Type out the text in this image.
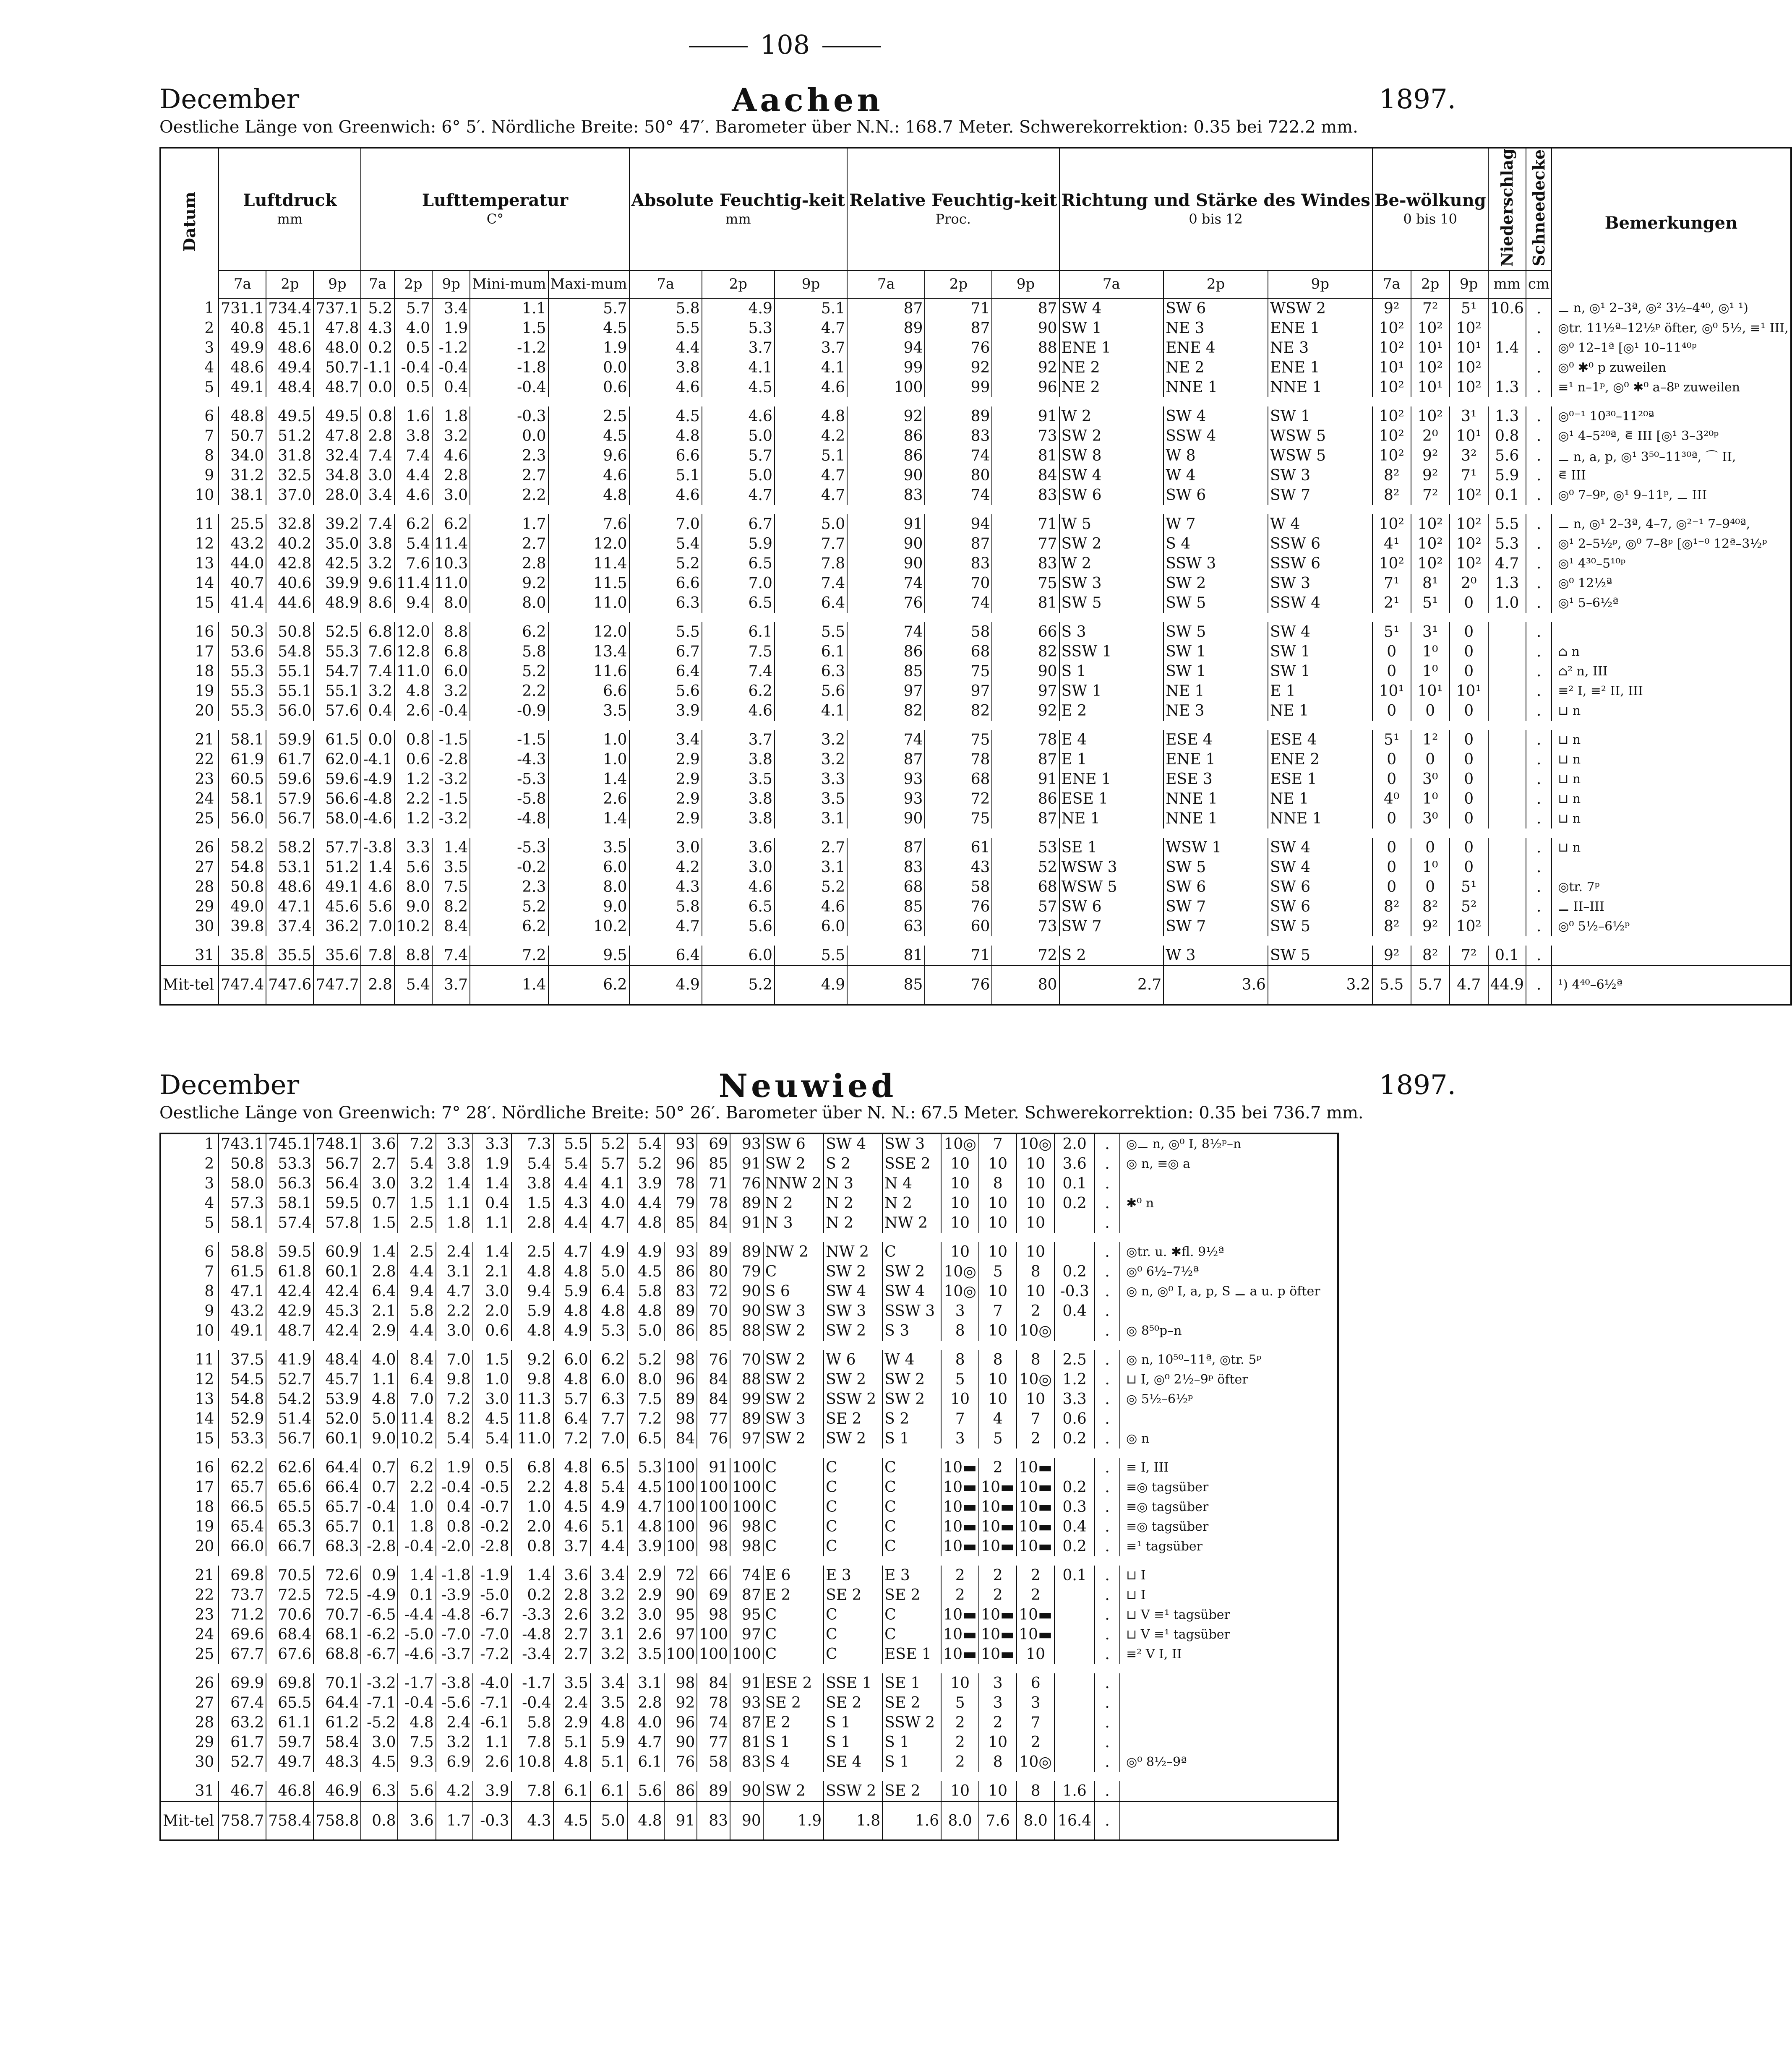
108
December	Aachen	1897.
Oestliche Länge von Greenwich: 6° 5′. Nördliche Breite: 50° 47′. Barometer über N.N.: 168.7 Meter. Schwerekorrektion: 0.35 bei 722.2 mm.
Datum	Luftdruck
mm			Lufttemperatur
C°					Absolute Feuchtig-keit
mm			Relative Feuchtig-keit
Proc.			Richtung und Stärke des Windes
0 bis 12			Be-wölkung
0 bis 10			Niederschlag	Schneedecke	Bemerkungen
	7a	2p	9p	7a	2p	9p	Mini-mum	Maxi-mum	7a	2p	9p	7a	2p	9p	7a	2p	9p	7a	2p	9p	mm	cm	
1	731.1	734.4	737.1	5.2	5.7	3.4	1.1	5.7	5.8	4.9	5.1	87	71	87	SW 4	SW 6	WSW 2	9²	7²	5¹	10.6	.	⚊ n, ◎¹ 2–3ª, ◎² 3½–4⁴⁰, ◎¹ ¹)
2	40.8	45.1	47.8	4.3	4.0	1.9	1.5	4.5	5.5	5.3	4.7	89	87	90	SW 1	NE 3	ENE 1	10²	10²	10²		.	◎tr. 11½ª–12½ᵖ öfter, ◎⁰ 5½, ≡¹ III,
3	49.9	48.6	48.0	0.2	0.5	-1.2	-1.2	1.9	4.4	3.7	3.7	94	76	88	ENE 1	ENE 4	NE 3	10²	10¹	10¹	1.4	.	◎⁰ 12–1ª [◎¹ 10–11⁴⁰ᵖ
4	48.6	49.4	50.7	-1.1	-0.4	-0.4	-1.8	0.0	3.8	4.1	4.1	99	92	92	NE 2	NE 2	ENE 1	10¹	10²	10²		.	◎⁰ ✱⁰ p zuweilen
5	49.1	48.4	48.7	0.0	0.5	0.4	-0.4	0.6	4.6	4.5	4.6	100	99	96	NE 2	NNE 1	NNE 1	10²	10¹	10²	1.3	.	≡¹ n–1ᵖ, ◎⁰ ✱⁰ a–8ᵖ zuweilen

6	48.8	49.5	49.5	0.8	1.6	1.8	-0.3	2.5	4.5	4.6	4.8	92	89	91	W 2	SW 4	SW 1	10²	10²	3¹	1.3	.	◎⁰⁻¹ 10³⁰–11²⁰ª
7	50.7	51.2	47.8	2.8	3.8	3.2	0.0	4.5	4.8	5.0	4.2	86	83	73	SW 2	SSW 4	WSW 5	10²	2⁰	10¹	0.8	.	◎¹ 4–5²⁰ª, ⋷ III [◎¹ 3–3²⁰ᵖ
8	34.0	31.8	32.4	7.4	7.4	4.6	2.3	9.6	6.6	5.7	5.1	86	74	81	SW 8	W 8	WSW 5	10²	9²	3²	5.6	.	⚊ n, a, p, ◎¹ 3⁵⁰–11³⁰ª, ⌒ II,
9	31.2	32.5	34.8	3.0	4.4	2.8	2.7	4.6	5.1	5.0	4.7	90	80	84	SW 4	W 4	SW 3	8²	9²	7¹	5.9	.	⋷ III
10	38.1	37.0	28.0	3.4	4.6	3.0	2.2	4.8	4.6	4.7	4.7	83	74	83	SW 6	SW 6	SW 7	8²	7²	10²	0.1	.	◎⁰ 7–9ᵖ, ◎¹ 9–11ᵖ, ⚊ III

11	25.5	32.8	39.2	7.4	6.2	6.2	1.7	7.6	7.0	6.7	5.0	91	94	71	W 5	W 7	W 4	10²	10²	10²	5.5	.	⚊ n, ◎¹ 2–3ª, 4–7, ◎²⁻¹ 7–9⁴⁰ª,
12	43.2	40.2	35.0	3.8	5.4	11.4	2.7	12.0	5.4	5.9	7.7	90	87	77	SW 2	S 4	SSW 6	4¹	10²	10²	5.3	.	◎¹ 2–5½ᵖ, ◎⁰ 7–8ᵖ [◎¹⁻⁰ 12ª–3½ᵖ
13	44.0	42.8	42.5	3.2	7.6	10.3	2.8	11.4	5.2	6.5	7.8	90	83	83	W 2	SSW 3	SSW 6	10²	10²	10²	4.7	.	◎¹ 4³⁰–5¹⁰ᵖ
14	40.7	40.6	39.9	9.6	11.4	11.0	9.2	11.5	6.6	7.0	7.4	74	70	75	SW 3	SW 2	SW 3	7¹	8¹	2⁰	1.3	.	◎⁰ 12½ª
15	41.4	44.6	48.9	8.6	9.4	8.0	8.0	11.0	6.3	6.5	6.4	76	74	81	SW 5	SW 5	SSW 4	2¹	5¹	0	1.0	.	◎¹ 5–6½ª

16	50.3	50.8	52.5	6.8	12.0	8.8	6.2	12.0	5.5	6.1	5.5	74	58	66	S 3	SW 5	SW 4	5¹	3¹	0		.	
17	53.6	54.8	55.3	7.6	12.8	6.8	5.8	13.4	6.7	7.5	6.1	86	68	82	SSW 1	SW 1	SW 1	0	1⁰	0		.	⌂ n
18	55.3	55.1	54.7	7.4	11.0	6.0	5.2	11.6	6.4	7.4	6.3	85	75	90	S 1	SW 1	SW 1	0	1⁰	0		.	⌂² n, III
19	55.3	55.1	55.1	3.2	4.8	3.2	2.2	6.6	5.6	6.2	5.6	97	97	97	SW 1	NE 1	E 1	10¹	10¹	10¹		.	≡² I, ≡² II, III
20	55.3	56.0	57.6	0.4	2.6	-0.4	-0.9	3.5	3.9	4.6	4.1	82	82	92	E 2	NE 3	NE 1	0	0	0		.	⊔ n

21	58.1	59.9	61.5	0.0	0.8	-1.5	-1.5	1.0	3.4	3.7	3.2	74	75	78	E 4	ESE 4	ESE 4	5¹	1²	0		.	⊔ n
22	61.9	61.7	62.0	-4.1	0.6	-2.8	-4.3	1.0	2.9	3.8	3.2	87	78	87	E 1	ENE 1	ENE 2	0	0	0		.	⊔ n
23	60.5	59.6	59.6	-4.9	1.2	-3.2	-5.3	1.4	2.9	3.5	3.3	93	68	91	ENE 1	ESE 3	ESE 1	0	3⁰	0		.	⊔ n
24	58.1	57.9	56.6	-4.8	2.2	-1.5	-5.8	2.6	2.9	3.8	3.5	93	72	86	ESE 1	NNE 1	NE 1	4⁰	1⁰	0		.	⊔ n
25	56.0	56.7	58.0	-4.6	1.2	-3.2	-4.8	1.4	2.9	3.8	3.1	90	75	87	NE 1	NNE 1	NNE 1	0	3⁰	0		.	⊔ n

26	58.2	58.2	57.7	-3.8	3.3	1.4	-5.3	3.5	3.0	3.6	2.7	87	61	53	SE 1	WSW 1	SW 4	0	0	0		.	⊔ n
27	54.8	53.1	51.2	1.4	5.6	3.5	-0.2	6.0	4.2	3.0	3.1	83	43	52	WSW 3	SW 5	SW 4	0	1⁰	0		.	
28	50.8	48.6	49.1	4.6	8.0	7.5	2.3	8.0	4.3	4.6	5.2	68	58	68	WSW 5	SW 6	SW 6	0	0	5¹		.	◎tr. 7ᵖ
29	49.0	47.1	45.6	5.6	9.0	8.2	5.2	9.0	5.8	6.5	4.6	85	76	57	SW 6	SW 7	SW 6	8²	8²	5²		.	⚊ II–III
30	39.8	37.4	36.2	7.0	10.2	8.4	6.2	10.2	4.7	5.6	6.0	63	60	73	SW 7	SW 7	SW 5	8²	9²	10²		.	◎⁰ 5½–6½ᵖ

31	35.8	35.5	35.6	7.8	8.8	7.4	7.2	9.5	6.4	6.0	5.5	81	71	72	S 2	W 3	SW 5	9²	8²	7²	0.1	.	
Mit-tel	747.4	747.6	747.7	2.8	5.4	3.7	1.4	6.2	4.9	5.2	4.9	85	76	80	2.7	3.6	3.2	5.5	5.7	4.7	44.9	.	¹) 4⁴⁰–6½ª
December	Neuwied	1897.
Oestliche Länge von Greenwich: 7° 28′. Nördliche Breite: 50° 26′. Barometer über N. N.: 67.5 Meter. Schwerekorrektion: 0.35 bei 736.7 mm.
1	743.1	745.1	748.1	3.6	7.2	3.3	3.3	7.3	5.5	5.2	5.4	93	69	93	SW 6	SW 4	SW 3	10◎	7	10◎	2.0	.	◎⚊ n, ◎⁰ I, 8½ᵖ–n
2	50.8	53.3	56.7	2.7	5.4	3.8	1.9	5.4	5.4	5.7	5.2	96	85	91	SW 2	S 2	SSE 2	10	10	10	3.6	.	◎ n, ≡◎ a
3	58.0	56.3	56.4	3.0	3.2	1.4	1.4	3.8	4.4	4.1	3.9	78	71	76	NNW 2	N 3	N 4	10	8	10	0.1	.	
4	57.3	58.1	59.5	0.7	1.5	1.1	0.4	1.5	4.3	4.0	4.4	79	78	89	N 2	N 2	N 2	10	10	10	0.2	.	✱⁰ n
5	58.1	57.4	57.8	1.5	2.5	1.8	1.1	2.8	4.4	4.7	4.8	85	84	91	N 3	N 2	NW 2	10	10	10		.	

6	58.8	59.5	60.9	1.4	2.5	2.4	1.4	2.5	4.7	4.9	4.9	93	89	89	NW 2	NW 2	C	10	10	10		.	◎tr. u. ✱fl. 9½ª
7	61.5	61.8	60.1	2.8	4.4	3.1	2.1	4.8	4.8	5.0	4.5	86	80	79	C	SW 2	SW 2	10◎	5	8	0.2	.	◎⁰ 6½–7½ª
8	47.1	42.4	42.4	6.4	9.4	4.7	3.0	9.4	5.9	6.4	5.8	83	72	90	S 6	SW 4	SW 4	10◎	10	10	-0.3	.	◎ n, ◎⁰ I, a, p, S ⚊ a u. p öfter
9	43.2	42.9	45.3	2.1	5.8	2.2	2.0	5.9	4.8	4.8	4.8	89	70	90	SW 3	SW 3	SSW 3	3	7	2	0.4	.	
10	49.1	48.7	42.4	2.9	4.4	3.0	0.6	4.8	4.9	5.3	5.0	86	85	88	SW 2	SW 2	S 3	8	10	10◎		.	◎ 8⁵⁰p–n

11	37.5	41.9	48.4	4.0	8.4	7.0	1.5	9.2	6.0	6.2	5.2	98	76	70	SW 2	W 6	W 4	8	8	8	2.5	.	◎ n, 10⁵⁰–11ª, ◎tr. 5ᵖ
12	54.5	52.7	45.7	1.1	6.4	9.8	1.0	9.8	4.8	6.0	8.0	96	84	88	SW 2	SW 2	SW 2	5	10	10◎	1.2	.	⊔ I, ◎⁰ 2½–9ᵖ öfter
13	54.8	54.2	53.9	4.8	7.0	7.2	3.0	11.3	5.7	6.3	7.5	89	84	99	SW 2	SSW 2	SW 2	10	10	10	3.3	.	◎ 5½–6½ᵖ
14	52.9	51.4	52.0	5.0	11.4	8.2	4.5	11.8	6.4	7.7	7.2	98	77	89	SW 3	SE 2	S 2	7	4	7	0.6	.	
15	53.3	56.7	60.1	9.0	10.2	5.4	5.4	11.0	7.2	7.0	6.5	84	76	97	SW 2	SW 2	S 1	3	5	2	0.2	.	◎ n

16	62.2	62.6	64.4	0.7	6.2	1.9	0.5	6.8	4.8	6.5	5.3	100	91	100	C	C	C	10▬	2	10▬		.	≡ I, III
17	65.7	65.6	66.4	0.7	2.2	-0.4	-0.5	2.2	4.8	5.4	4.5	100	100	100	C	C	C	10▬	10▬	10▬	0.2	.	≡◎ tagsüber
18	66.5	65.5	65.7	-0.4	1.0	0.4	-0.7	1.0	4.5	4.9	4.7	100	100	100	C	C	C	10▬	10▬	10▬	0.3	.	≡◎ tagsüber
19	65.4	65.3	65.7	0.1	1.8	0.8	-0.2	2.0	4.6	5.1	4.8	100	96	98	C	C	C	10▬	10▬	10▬	0.4	.	≡◎ tagsüber
20	66.0	66.7	68.3	-2.8	-0.4	-2.0	-2.8	0.8	3.7	4.4	3.9	100	98	98	C	C	C	10▬	10▬	10▬	0.2	.	≡¹ tagsüber

21	69.8	70.5	72.6	0.9	1.4	-1.8	-1.9	1.4	3.6	3.4	2.9	72	66	74	E 6	E 3	E 3	2	2	2	0.1	.	⊔ I
22	73.7	72.5	72.5	-4.9	0.1	-3.9	-5.0	0.2	2.8	3.2	2.9	90	69	87	E 2	SE 2	SE 2	2	2	2		.	⊔ I
23	71.2	70.6	70.7	-6.5	-4.4	-4.8	-6.7	-3.3	2.6	3.2	3.0	95	98	95	C	C	C	10▬	10▬	10▬		.	⊔ V ≡¹ tagsüber
24	69.6	68.4	68.1	-6.2	-5.0	-7.0	-7.0	-4.8	2.7	3.1	2.6	97	100	97	C	C	C	10▬	10▬	10▬		.	⊔ V ≡¹ tagsüber
25	67.7	67.6	68.8	-6.7	-4.6	-3.7	-7.2	-3.4	2.7	3.2	3.5	100	100	100	C	C	ESE 1	10▬	10▬	10		.	≡² V I, II

26	69.9	69.8	70.1	-3.2	-1.7	-3.8	-4.0	-1.7	3.5	3.4	3.1	98	84	91	ESE 2	SSE 1	SE 1	10	3	6		.	
27	67.4	65.5	64.4	-7.1	-0.4	-5.6	-7.1	-0.4	2.4	3.5	2.8	92	78	93	SE 2	SE 2	SE 2	5	3	3		.	
28	63.2	61.1	61.2	-5.2	4.8	2.4	-6.1	5.8	2.9	4.8	4.0	96	74	87	E 2	S 1	SSW 2	2	2	7		.	
29	61.7	59.7	58.4	3.0	7.5	3.2	1.1	7.8	5.1	5.9	4.7	90	77	81	S 1	S 1	S 1	2	10	2		.	
30	52.7	49.7	48.3	4.5	9.3	6.9	2.6	10.8	4.8	5.1	6.1	76	58	83	S 4	SE 4	S 1	2	8	10◎		.	◎⁰ 8½–9ª

31	46.7	46.8	46.9	6.3	5.6	4.2	3.9	7.8	6.1	6.1	5.6	86	89	90	SW 2	SSW 2	SE 2	10	10	8	1.6	.	
Mit-tel	758.7	758.4	758.8	0.8	3.6	1.7	-0.3	4.3	4.5	5.0	4.8	91	83	90	1.9	1.8	1.6	8.0	7.6	8.0	16.4	.	
